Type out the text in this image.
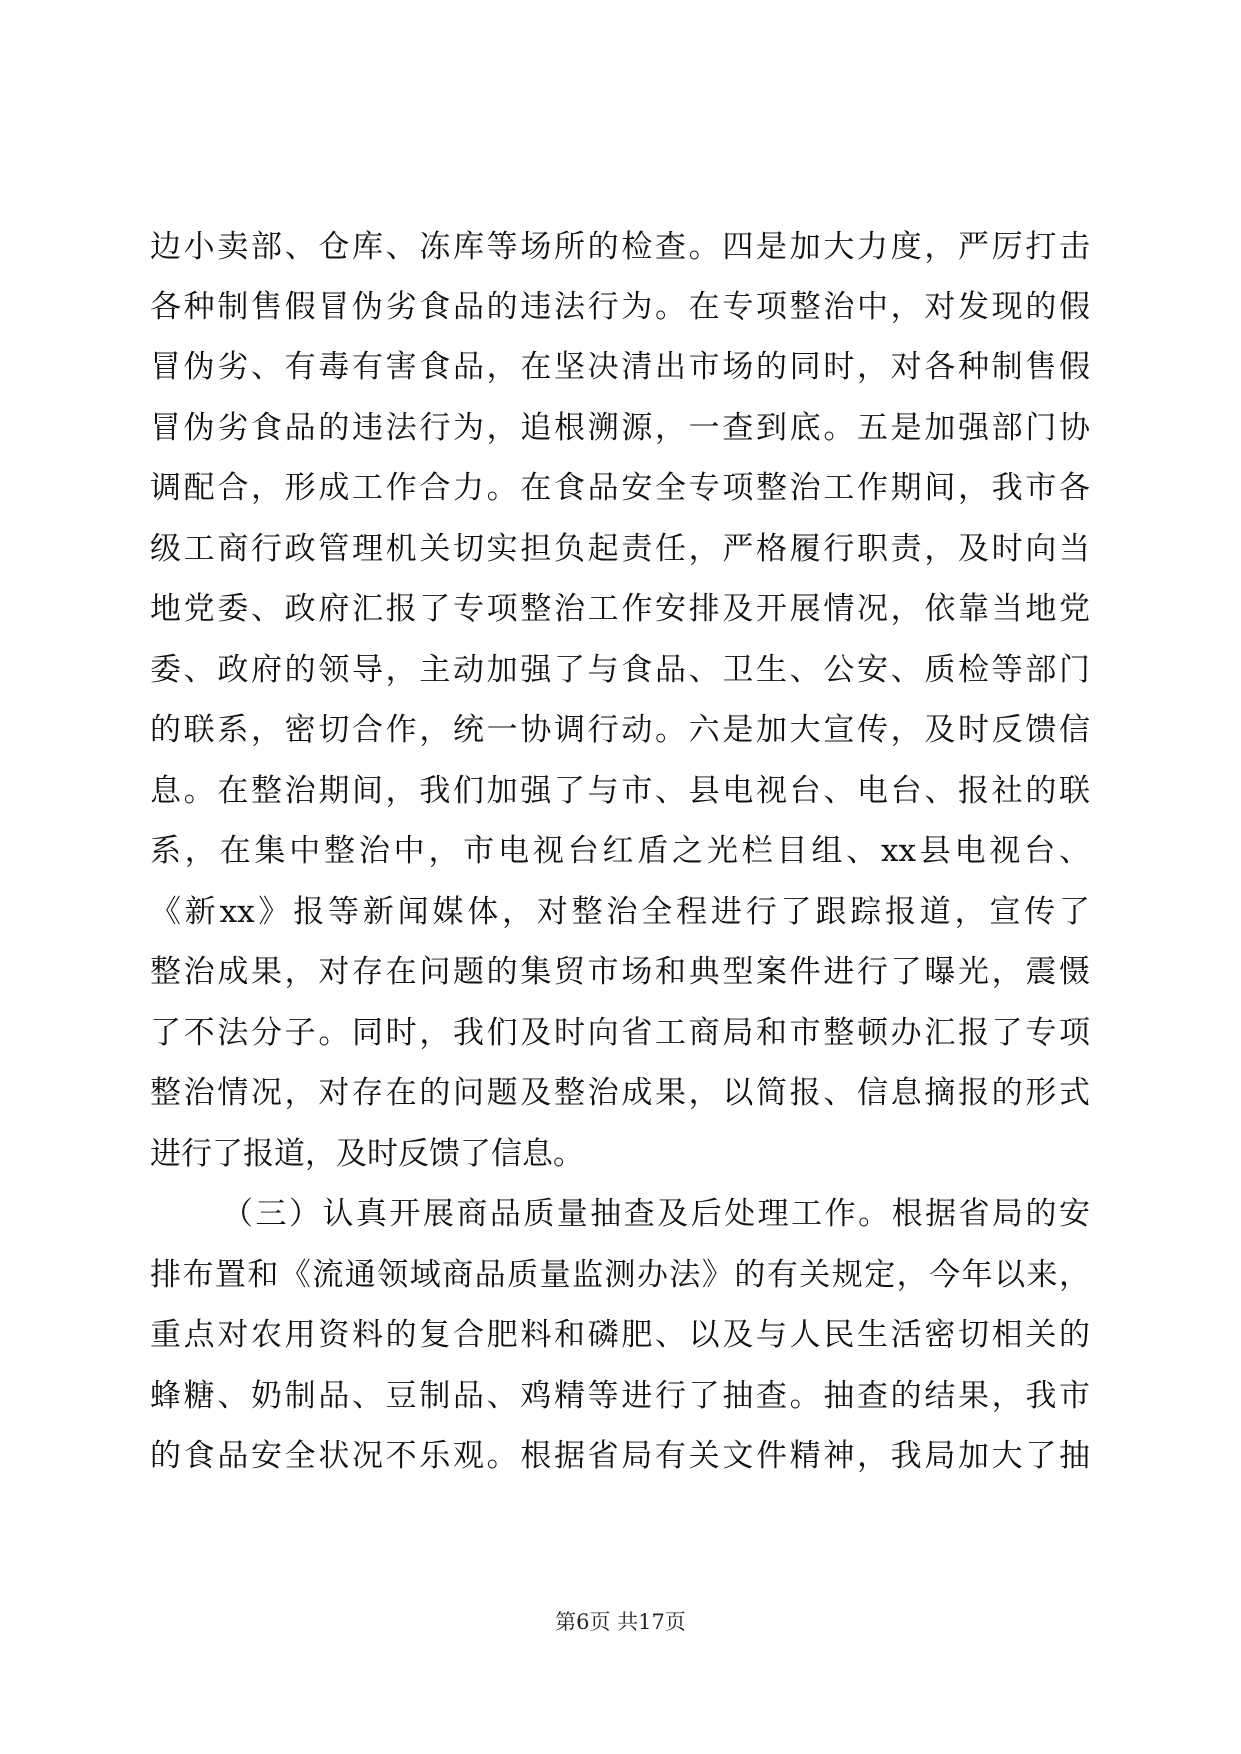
边小卖部、仓库、冻库等场所的检查。四是加大力度，严厉打击
各种制售假冒伪劣食品的违法行为。在专项整治中，对发现的假
冒伪劣、有毒有害食品，在坚决清出市场的同时，对各种制售假
冒伪劣食品的违法行为，追根溯源，一查到底。五是加强部门协
调配合，形成工作合力。在食品安全专项整治工作期间，我市各
级工商行政管理机关切实担负起责任，严格履行职责，及时向当
地党委、政府汇报了专项整治工作安排及开展情况，依靠当地党
委、政府的领导，主动加强了与食品、卫生、公安、质检等部门
的联系，密切合作，统一协调行动。六是加大宣传，及时反馈信
息。在整治期间，我们加强了与市、县电视台、电台、报社的联
系，在集中整治中，市电视台红盾之光栏目组、xx县电视台、
《新xx》报等新闻媒体，对整治全程进行了跟踪报道，宣传了
整治成果，对存在问题的集贸市场和典型案件进行了曝光，震慑
了不法分子。同时，我们及时向省工商局和市整顿办汇报了专项
整治情况，对存在的问题及整治成果，以简报、信息摘报的形式
进行了报道，及时反馈了信息。
（三）认真开展商品质量抽查及后处理工作。根据省局的安
排布置和《流通领域商品质量监测办法》的有关规定，今年以来，
重点对农用资料的复合肥料和磷肥、以及与人民生活密切相关的
蜂糖、奶制品、豆制品、鸡精等进行了抽查。抽查的结果，我市
的食品安全状况不乐观。根据省局有关文件精神，我局加大了抽
第6页 共17页
